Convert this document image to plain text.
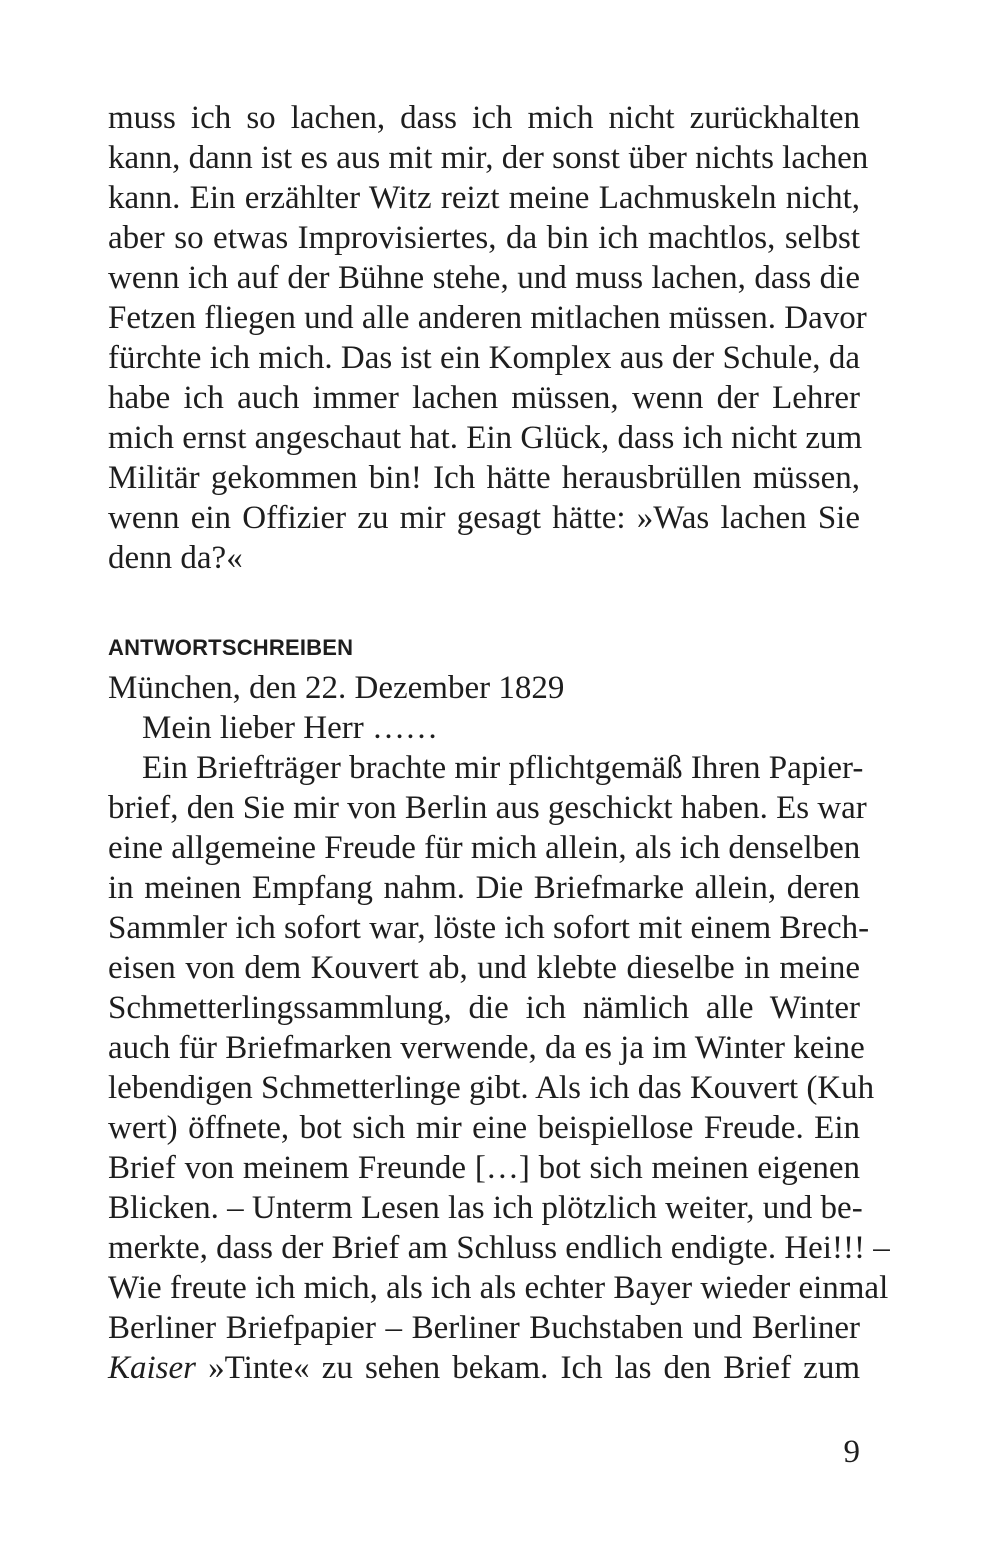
muss ich so lachen, dass ich mich nicht zurückhalten
kann, dann ist es aus mit mir, der sonst über nichts lachen
kann. Ein erzählter Witz reizt meine Lachmuskeln nicht,
aber so etwas Improvisiertes, da bin ich machtlos, selbst
wenn ich auf der Bühne stehe, und muss lachen, dass die
Fetzen fliegen und alle anderen mitlachen müssen. Davor
fürchte ich mich. Das ist ein Komplex aus der Schule, da
habe ich auch immer lachen müssen, wenn der Lehrer
mich ernst angeschaut hat. Ein Glück, dass ich nicht zum
Militär gekommen bin! Ich hätte herausbrüllen müssen,
wenn ein Offizier zu mir gesagt hätte: »Was lachen Sie
denn da?«
ANTWORTSCHREIBEN
München, den 22. Dezember 1829
Mein lieber Herr ……
Ein Briefträger brachte mir pflichtgemäß Ihren Papier-
brief, den Sie mir von Berlin aus geschickt haben. Es war
eine allgemeine Freude für mich allein, als ich denselben
in meinen Empfang nahm. Die Briefmarke allein, deren
Sammler ich sofort war, löste ich sofort mit einem Brech-
eisen von dem Kouvert ab, und klebte dieselbe in meine
Schmetterlingssammlung, die ich nämlich alle Winter
auch für Briefmarken verwende, da es ja im Winter keine
lebendigen Schmetterlinge gibt. Als ich das Kouvert (Kuh
wert) öffnete, bot sich mir eine beispiellose Freude. Ein
Brief von meinem Freunde […] bot sich meinen eigenen
Blicken. – Unterm Lesen las ich plötzlich weiter, und be-
merkte, dass der Brief am Schluss endlich endigte. Hei!!! –
Wie freute ich mich, als ich als echter Bayer wieder einmal
Berliner Briefpapier – Berliner Buchstaben und Berliner
Kaiser »Tinte« zu sehen bekam. Ich las den Brief zum
9
